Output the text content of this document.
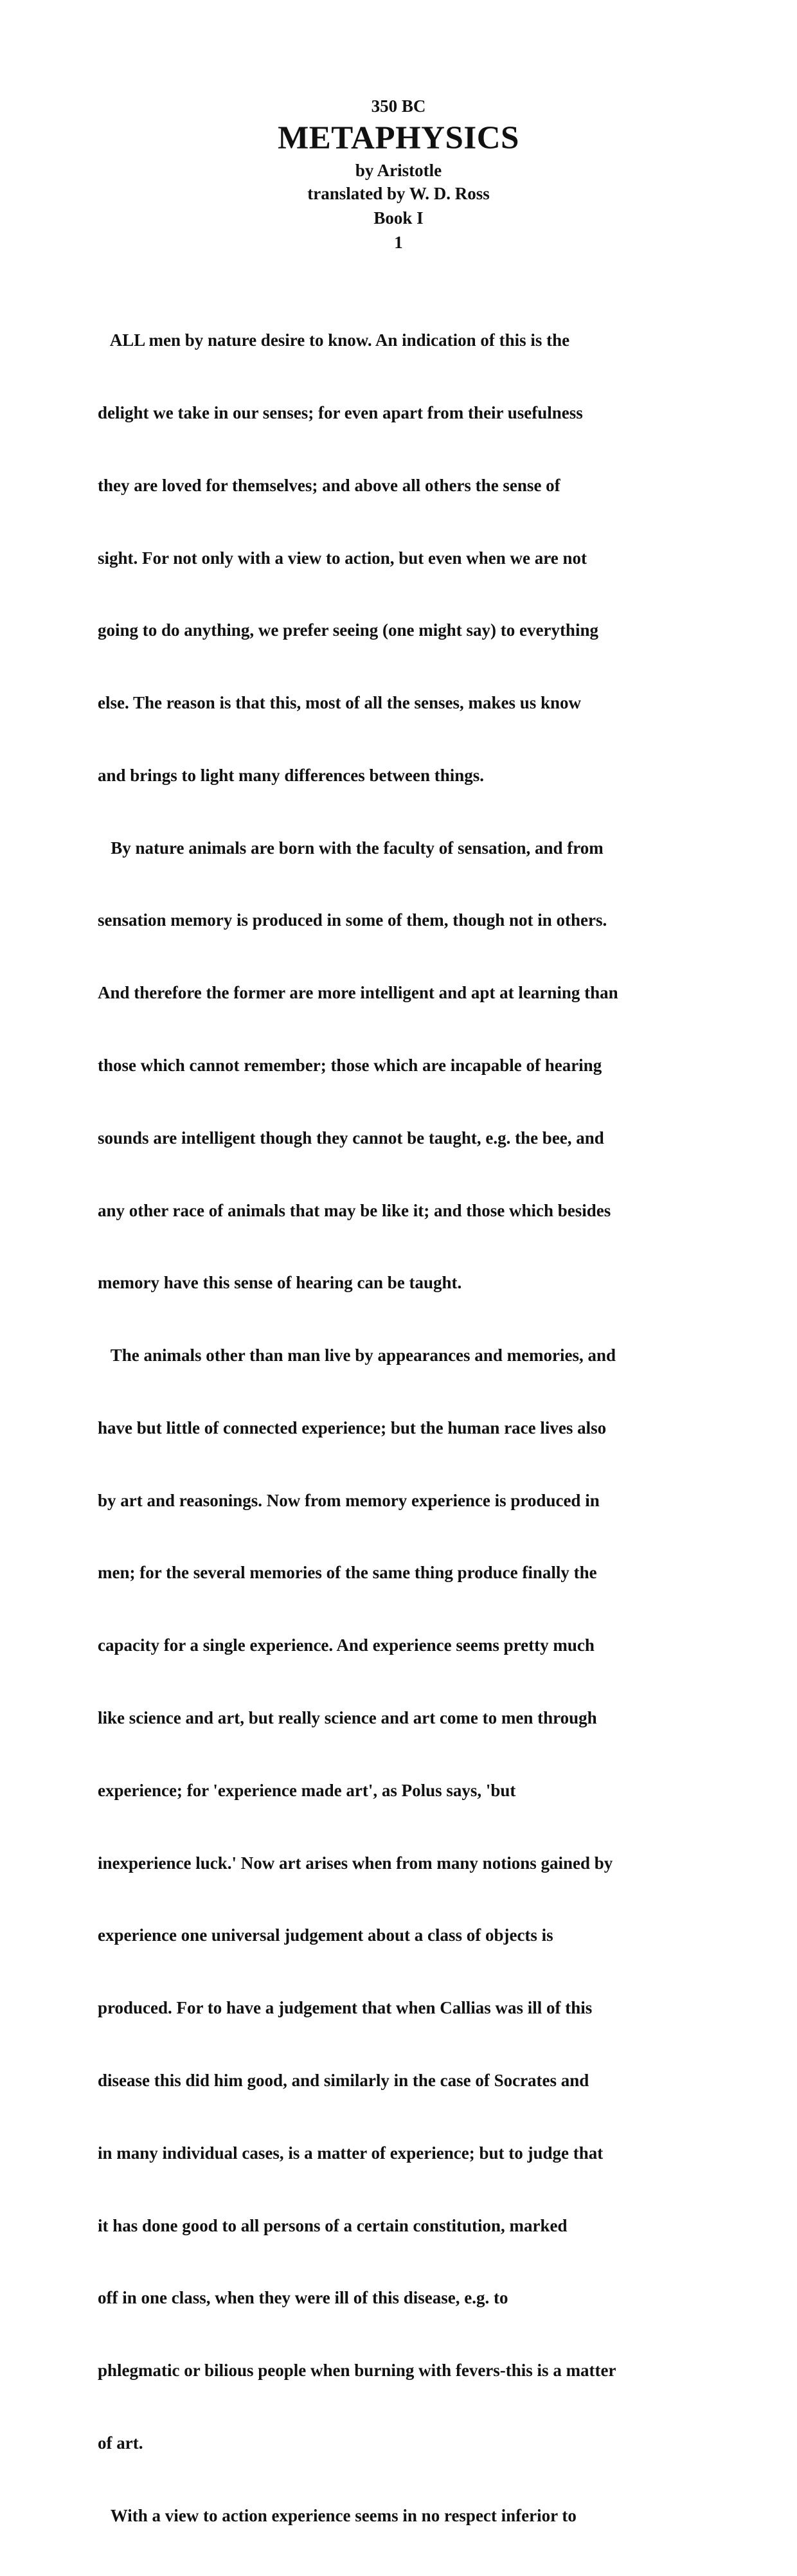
350 BC
METAPHYSICS
by Aristotle
translated by W. D. Ross
Book I
1

ALL men by nature desire to know. An indication of this is the

delight we take in our senses; for even apart from their usefulness

they are loved for themselves; and above all others the sense of

sight. For not only with a view to action, but even when we are not

going to do anything, we prefer seeing (one might say) to everything

else. The reason is that this, most of all the senses, makes us know

and brings to light many differences between things.

By nature animals are born with the faculty of sensation, and from

sensation memory is produced in some of them, though not in others.

And therefore the former are more intelligent and apt at learning than

those which cannot remember; those which are incapable of hearing

sounds are intelligent though they cannot be taught, e.g. the bee, and

any other race of animals that may be like it; and those which besides

memory have this sense of hearing can be taught.

The animals other than man live by appearances and memories, and

have but little of connected experience; but the human race lives also

by art and reasonings. Now from memory experience is produced in

men; for the several memories of the same thing produce finally the

capacity for a single experience. And experience seems pretty much

like science and art, but really science and art come to men through

experience; for 'experience made art', as Polus says, 'but

inexperience luck.' Now art arises when from many notions gained by

experience one universal judgement about a class of objects is

produced. For to have a judgement that when Callias was ill of this

disease this did him good, and similarly in the case of Socrates and

in many individual cases, is a matter of experience; but to judge that

it has done good to all persons of a certain constitution, marked

off in one class, when they were ill of this disease, e.g. to

phlegmatic or bilious people when burning with fevers-this is a matter

of art.

With a view to action experience seems in no respect inferior to
